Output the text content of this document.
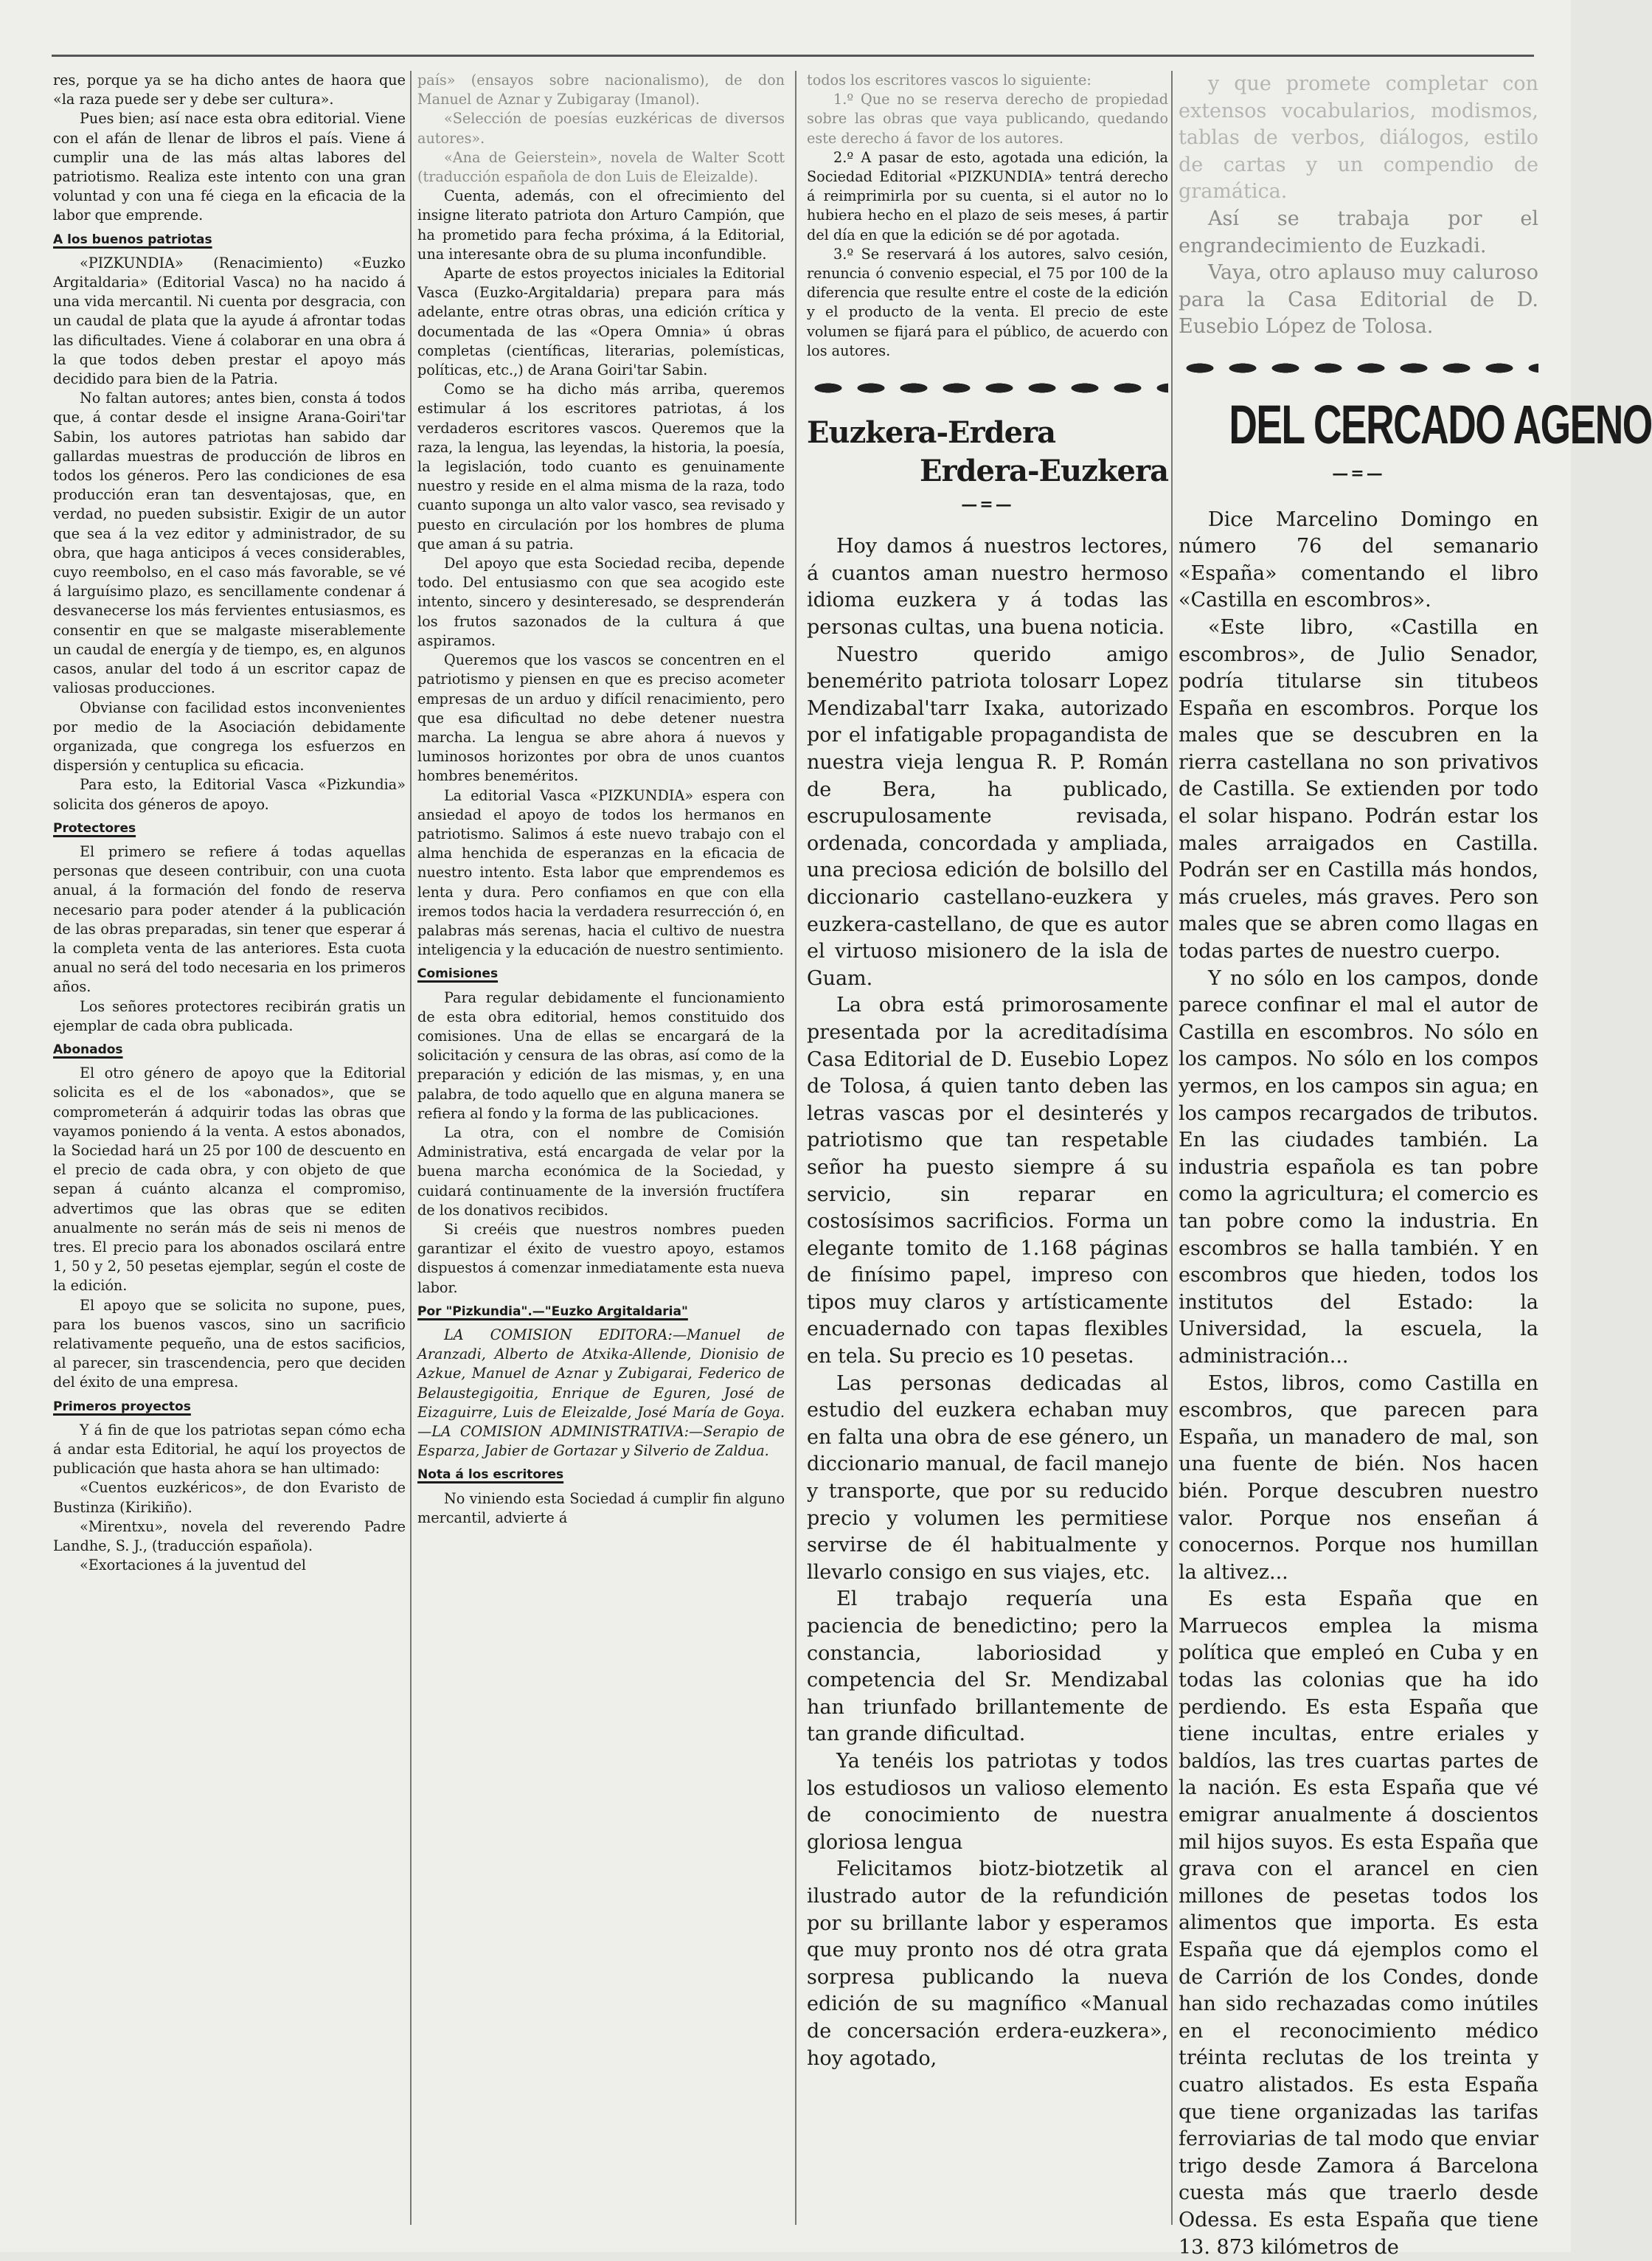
res, porque ya se ha dicho antes de haora que «la raza puede ser y debe ser cultura».

Pues bien; así nace esta obra editorial. Viene con el afán de llenar de libros el país. Viene á cumplir una de las más altas labores del patriotismo. Realiza este intento con una gran voluntad y con una fé ciega en la eficacia de la labor que emprende.

A los buenos patriotas

«PIZKUNDIA» (Renacimiento) «Euzko Argitaldaria» (Editorial Vasca) no ha nacido á una vida mercantil. Ni cuenta por desgracia, con un caudal de plata que la ayude á afrontar todas las dificultades. Viene á colaborar en una obra á la que todos deben prestar el apoyo más decidido para bien de la Patria.

No faltan autores; antes bien, consta á todos que, á contar desde el insigne Arana-Goiri'tar Sabin, los autores patriotas han sabido dar gallardas muestras de producción de libros en todos los géneros. Pero las condiciones de esa producción eran tan desventajosas, que, en verdad, no pueden subsistir. Exigir de un autor que sea á la vez editor y administrador, de su obra, que haga anticipos á veces considerables, cuyo reembolso, en el caso más favorable, se vé á larguísimo plazo, es sencillamente condenar á desvanecerse los más fervientes entusiasmos, es consentir en que se malgaste miserablemente un caudal de energía y de tiempo, es, en algunos casos, anular del todo á un escritor capaz de valiosas producciones.

Obvianse con facilidad estos inconvenientes por medio de la Asociación debidamente organizada, que congrega los esfuerzos en dispersión y centuplica su eficacia.

Para esto, la Editorial Vasca «Pizkundia» solicita dos géneros de apoyo.

Protectores

El primero se refiere á todas aquellas personas que deseen contribuir, con una cuota anual, á la formación del fondo de reserva necesario para poder atender á la publicación de las obras preparadas, sin tener que esperar á la completa venta de las anteriores. Esta cuota anual no será del todo necesaria en los primeros años.

Los señores protectores recibirán gratis un ejemplar de cada obra publicada.

Abonados

El otro género de apoyo que la Editorial solicita es el de los «abonados», que se comprometerán á adquirir todas las obras que vayamos poniendo á la venta. A estos abonados, la Sociedad hará un 25 por 100 de descuento en el precio de cada obra, y con objeto de que sepan á cuánto alcanza el compromiso, advertimos que las obras que se editen anualmente no serán más de seis ni menos de tres. El precio para los abonados oscilará entre 1, 50 y 2, 50 pesetas ejemplar, según el coste de la edición.

El apoyo que se solicita no supone, pues, para los buenos vascos, sino un sacrificio relativamente pequeño, una de estos sacificios, al parecer, sin trascendencia, pero que deciden del éxito de una empresa.

Primeros proyectos

Y á fin de que los patriotas sepan cómo echa á andar esta Editorial, he aquí los proyectos de publicación que hasta ahora se han ultimado:

«Cuentos euzkéricos», de don Evaristo de Bustinza (Kirikiño).

«Mirentxu», novela del reverendo Padre Landhe, S. J., (traducción española).

«Exortaciones á la juventud del

país» (ensayos sobre nacionalismo), de don Manuel de Aznar y Zubigaray (Imanol).

«Selección de poesías euzkéricas de diversos autores».

«Ana de Geierstein», novela de Walter Scott (traducción española de don Luis de Eleizalde).

Cuenta, además, con el ofrecimiento del insigne literato patriota don Arturo Campión, que ha prometido para fecha próxima, á la Editorial, una interesante obra de su pluma inconfundible.

Aparte de estos proyectos iniciales la Editorial Vasca (Euzko-Argitaldaria) prepara para más adelante, entre otras obras, una edición crítica y documentada de las «Opera Omnia» ú obras completas (científicas, literarias, polemísticas, políticas, etc.,) de Arana Goiri'tar Sabin.

Como se ha dicho más arriba, queremos estimular á los escritores patriotas, á los verdaderos escritores vascos. Queremos que la raza, la lengua, las leyendas, la historia, la poesía, la legislación, todo cuanto es genuinamente nuestro y reside en el alma misma de la raza, todo cuanto suponga un alto valor vasco, sea revisado y puesto en circulación por los hombres de pluma que aman á su patria.

Del apoyo que esta Sociedad reciba, depende todo. Del entusiasmo con que sea acogido este intento, sincero y desinteresado, se desprenderán los frutos sazonados de la cultura á que aspiramos.

Queremos que los vascos se concentren en el patriotismo y piensen en que es preciso acometer empresas de un arduo y difícil renacimiento, pero que esa dificultad no debe detener nuestra marcha. La lengua se abre ahora á nuevos y luminosos horizontes por obra de unos cuantos hombres beneméritos.

La editorial Vasca «PIZKUNDIA» espera con ansiedad el apoyo de todos los hermanos en patriotismo. Salimos á este nuevo trabajo con el alma henchida de esperanzas en la eficacia de nuestro intento. Esta labor que emprendemos es lenta y dura. Pero confiamos en que con ella iremos todos hacia la verdadera resurrección ó, en palabras más serenas, hacia el cultivo de nuestra inteligencia y la educación de nuestro sentimiento.

Comisiones

Para regular debidamente el funcionamiento de esta obra editorial, hemos constituido dos comisiones. Una de ellas se encargará de la solicitación y censura de las obras, así como de la preparación y edición de las mismas, y, en una palabra, de todo aquello que en alguna manera se refiera al fondo y la forma de las publicaciones.

La otra, con el nombre de Comisión Administrativa, está encargada de velar por la buena marcha económica de la Sociedad, y cuidará continuamente de la inversión fructífera de los donativos recibidos.

Si creéis que nuestros nombres pueden garantizar el éxito de vuestro apoyo, estamos dispuestos á comenzar inmediatamente esta nueva labor.

Por "Pizkundia".—"Euzko Argitaldaria"

LA COMISION EDITORA:—Manuel de Aranzadi, Alberto de Atxika-Allende, Dionisio de Azkue, Manuel de Aznar y Zubigarai, Federico de Belaustegigoitia, Enrique de Eguren, José de Eizaguirre, Luis de Eleizalde, José María de Goya.—LA COMISION ADMINISTRATIVA:—Serapio de Esparza, Jabier de Gortazar y Silverio de Zaldua.

Nota á los escritores

No viniendo esta Sociedad á cumplir fin alguno mercantil, advierte á

todos los escritores vascos lo siguiente:

1.º Que no se reserva derecho de propiedad sobre las obras que vaya publicando, quedando este derecho á favor de los autores.

2.º A pasar de esto, agotada una edición, la Sociedad Editorial «PIZKUNDIA» tentrá derecho á reimprimirla por su cuenta, si el autor no lo hubiera hecho en el plazo de seis meses, á partir del día en que la edición se dé por agotada.

3.º Se reservará á los autores, salvo cesión, renuncia ó convenio especial, el 75 por 100 de la diferencia que resulte entre el coste de la edición y el producto de la venta. El precio de este volumen se fijará para el público, de acuerdo con los autores.

Euzkera-Erdera
Erdera-Euzkera
—=—

Hoy damos á nuestros lectores, á cuantos aman nuestro hermoso idioma euzkera y á todas las personas cultas, una buena noticia.

Nuestro querido amigo benemérito patriota tolosarr Lopez Mendizabal'tarr Ixaka, autorizado por el infatigable propagandista de nuestra vieja lengua R. P. Román de Bera, ha publicado, escrupulosamente revisada, ordenada, concordada y ampliada, una preciosa edición de bolsillo del diccionario castellano-euzkera y euzkera-castellano, de que es autor el virtuoso misionero de la isla de Guam.

La obra está primorosamente presentada por la acreditadísima Casa Editorial de D. Eusebio Lopez de Tolosa, á quien tanto deben las letras vascas por el desinterés y patriotismo que tan respetable señor ha puesto siempre á su servicio, sin reparar en costosísimos sacrificios. Forma un elegante tomito de 1.168 páginas de finísimo papel, impreso con tipos muy claros y artísticamente encuadernado con tapas flexibles en tela. Su precio es 10 pesetas.

Las personas dedicadas al estudio del euzkera echaban muy en falta una obra de ese género, un diccionario manual, de facil manejo y transporte, que por su reducido precio y volumen les permitiese servirse de él habitualmente y llevarlo consigo en sus viajes, etc.

El trabajo requería una paciencia de benedictino; pero la constancia, laboriosidad y competencia del Sr. Mendizabal han triunfado brillantemente de tan grande dificultad.

Ya tenéis los patriotas y todos los estudiosos un valioso elemento de conocimiento de nuestra gloriosa lengua

Felicitamos biotz-biotzetik al ilustrado autor de la refundición por su brillante labor y esperamos que muy pronto nos dé otra grata sorpresa publicando la nueva edición de su magnífico «Manual de concersación erdera-euzkera», hoy agotado,

y que promete completar con extensos vocabularios, modismos, tablas de verbos, diálogos, estilo de cartas y un compendio de gramática.

Así se trabaja por el engrandecimiento de Euzkadi.

Vaya, otro aplauso muy caluroso para la Casa Editorial de D. Eusebio López de Tolosa.

DEL CERCADO AGENO
—=—

Dice Marcelino Domingo en número 76 del semanario «España» comentando el libro «Castilla en escombros».

«Este libro, «Castilla en escombros», de Julio Senador, podría titularse sin titubeos España en escombros. Porque los males que se descubren en la rierra castellana no son privativos de Castilla. Se extienden por todo el solar hispano. Podrán estar los males arraigados en Castilla. Podrán ser en Castilla más hondos, más crueles, más graves. Pero son males que se abren como llagas en todas partes de nuestro cuerpo.

Y no sólo en los campos, donde parece confinar el mal el autor de Castilla en escombros. No sólo en los campos. No sólo en los compos yermos, en los campos sin agua; en los campos recargados de tributos. En las ciudades también. La industria española es tan pobre como la agricultura; el comercio es tan pobre como la industria. En escombros se halla también. Y en escombros que hieden, todos los institutos del Estado: la Universidad, la escuela, la administración...

Estos, libros, como Castilla en escombros, que parecen para España, un manadero de mal, son una fuente de bién. Nos hacen bién. Porque descubren nuestro valor. Porque nos enseñan á conocernos. Porque nos humillan la altivez...

Es esta España que en Marruecos emplea la misma política que empleó en Cuba y en todas las colonias que ha ido perdiendo. Es esta España que tiene incultas, entre eriales y baldíos, las tres cuartas partes de la nación. Es esta España que vé emigrar anualmente á doscientos mil hijos suyos. Es esta España que grava con el arancel en cien millones de pesetas todos los alimentos que importa. Es esta España que dá ejemplos como el de Carrión de los Condes, donde han sido rechazadas como inútiles en el reconocimiento médico tréinta reclutas de los treinta y cuatro alistados. Es esta España que tiene organizadas las tarifas ferroviarias de tal modo que enviar trigo desde Zamora á Barcelona cuesta más que traerlo desde Odessa. Es esta España que tiene 13. 873 kilómetros de
